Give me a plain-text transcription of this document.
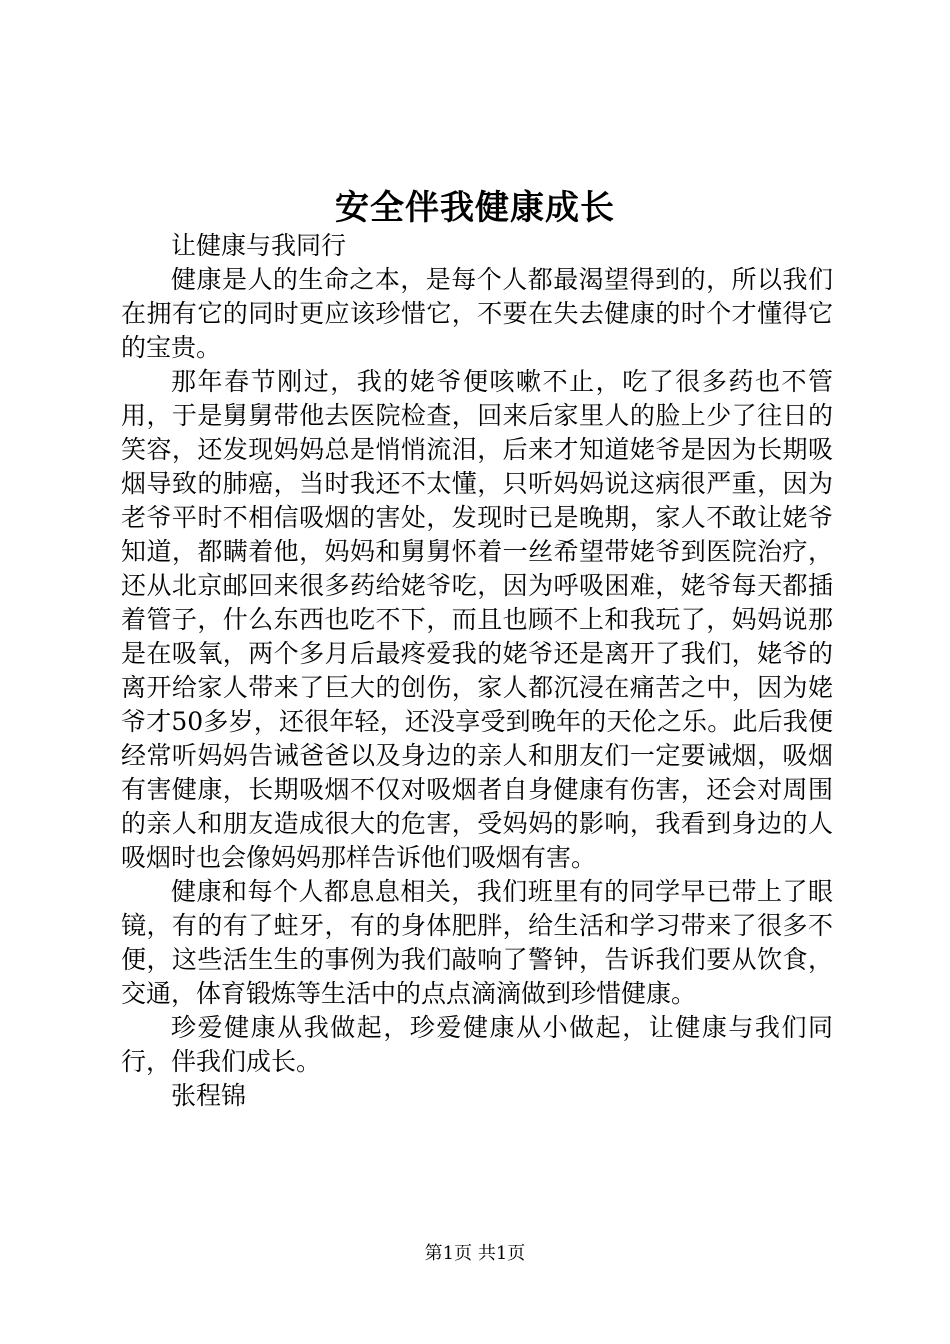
安全伴我健康成长

让健康与我同行

健康是人的生命之本，是每个人都最渴望得到的，所以我们在拥有它的同时更应该珍惜它，不要在失去健康的时个才懂得它的宝贵。

那年春节刚过，我的姥爷便咳嗽不止，吃了很多药也不管用，于是舅舅带他去医院检查，回来后家里人的脸上少了往日的笑容，还发现妈妈总是悄悄流泪，后来才知道姥爷是因为长期吸烟导致的肺癌，当时我还不太懂，只听妈妈说这病很严重，因为老爷平时不相信吸烟的害处，发现时已是晚期，家人不敢让姥爷知道，都瞒着他，妈妈和舅舅怀着一丝希望带姥爷到医院治疗，还从北京邮回来很多药给姥爷吃，因为呼吸困难，姥爷每天都插着管子，什么东西也吃不下，而且也顾不上和我玩了，妈妈说那是在吸氧，两个多月后最疼爱我的姥爷还是离开了我们，姥爷的离开给家人带来了巨大的创伤，家人都沉浸在痛苦之中，因为姥爷才50多岁，还很年轻，还没享受到晚年的天伦之乐。此后我便经常听妈妈告诫爸爸以及身边的亲人和朋友们一定要诫烟，吸烟有害健康，长期吸烟不仅对吸烟者自身健康有伤害，还会对周围的亲人和朋友造成很大的危害，受妈妈的影响，我看到身边的人吸烟时也会像妈妈那样告诉他们吸烟有害。

健康和每个人都息息相关，我们班里有的同学早已带上了眼镜，有的有了蛀牙，有的身体肥胖，给生活和学习带来了很多不便，这些活生生的事例为我们敲响了警钟，告诉我们要从饮食，交通，体育锻炼等生活中的点点滴滴做到珍惜健康。

珍爱健康从我做起，珍爱健康从小做起，让健康与我们同行，伴我们成长。

张程锦

第1页 共1页
